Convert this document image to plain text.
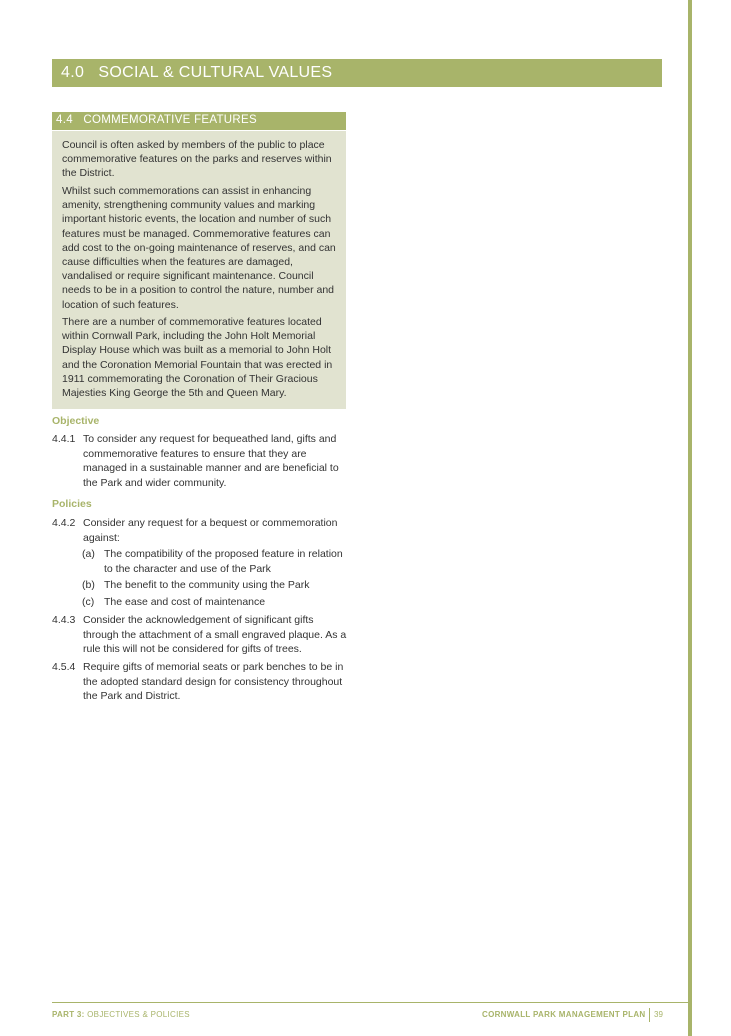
4.0 SOCIAL & CULTURAL VALUES
4.4 COMMEMORATIVE FEATURES

Council is often asked by members of the public to place commemorative features on the parks and reserves within the District.

Whilst such commemorations can assist in enhancing amenity, strengthening community values and marking important historic events, the location and number of such features must be managed. Commemorative features can add cost to the on-going maintenance of reserves, and can cause difficulties when the features are damaged, vandalised or require significant maintenance. Council needs to be in a position to control the nature, number and location of such features.

There are a number of commemorative features located within Cornwall Park, including the John Holt Memorial Display House which was built as a memorial to John Holt and the Coronation Memorial Fountain that was erected in 1911 commemorating the Coronation of Their Gracious Majesties King George the 5th and Queen Mary.

Objective
4.4.1 To consider any request for bequeathed land, gifts and commemorative features to ensure that they are managed in a sustainable manner and are beneficial to the Park and wider community.
Policies
4.4.2 Consider any request for a bequest or commemoration against:
(a) The compatibility of the proposed feature in relation to the character and use of the Park
(b) The benefit to the community using the Park
(c) The ease and cost of maintenance
4.4.3 Consider the acknowledgement of significant gifts through the attachment of a small engraved plaque. As a rule this will not be considered for gifts of trees.
4.5.4 Require gifts of memorial seats or park benches to be in the adopted standard design for consistency throughout the Park and District.
PART 3: OBJECTIVES & POLICIES	CORNWALL PARK MANAGEMENT PLAN 39
